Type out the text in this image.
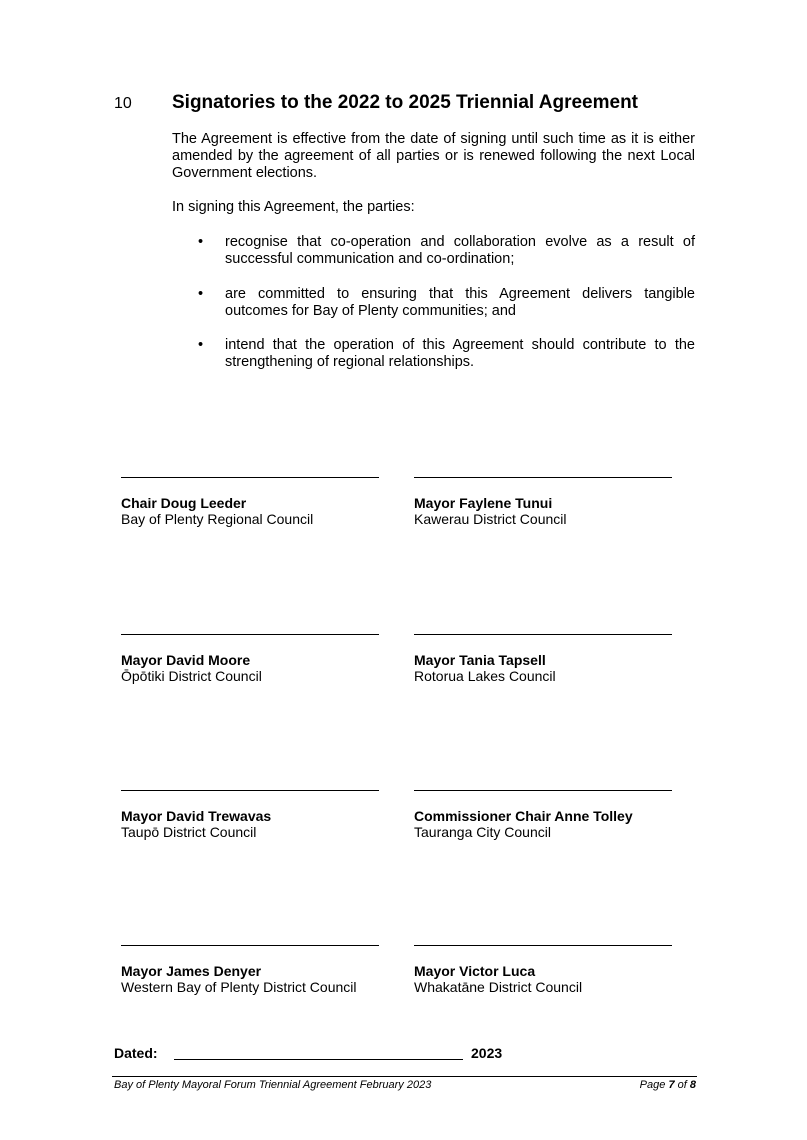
10 Signatories to the 2022 to 2025 Triennial Agreement

The Agreement is effective from the date of signing until such time as it is either amended by the agreement of all parties or is renewed following the next Local Government elections.

In signing this Agreement, the parties:

• recognise that co-operation and collaboration evolve as a result of successful communication and co-ordination;
• are committed to ensuring that this Agreement delivers tangible outcomes for Bay of Plenty communities; and
• intend that the operation of this Agreement should contribute to the strengthening of regional relationships.
Chair Doug Leeder
Bay of Plenty Regional Council
Mayor Faylene Tunui
Kawerau District Council
Mayor David Moore
Ōpōtiki District Council
Mayor Tania Tapsell
Rotorua Lakes Council
Mayor David Trewavas
Taupō District Council
Commissioner Chair Anne Tolley
Tauranga City Council
Mayor James Denyer
Western Bay of Plenty District Council
Mayor Victor Luca
Whakatāne District Council
Dated:	2023
Bay of Plenty Mayoral Forum Triennial Agreement February 2023	Page 7 of 8
